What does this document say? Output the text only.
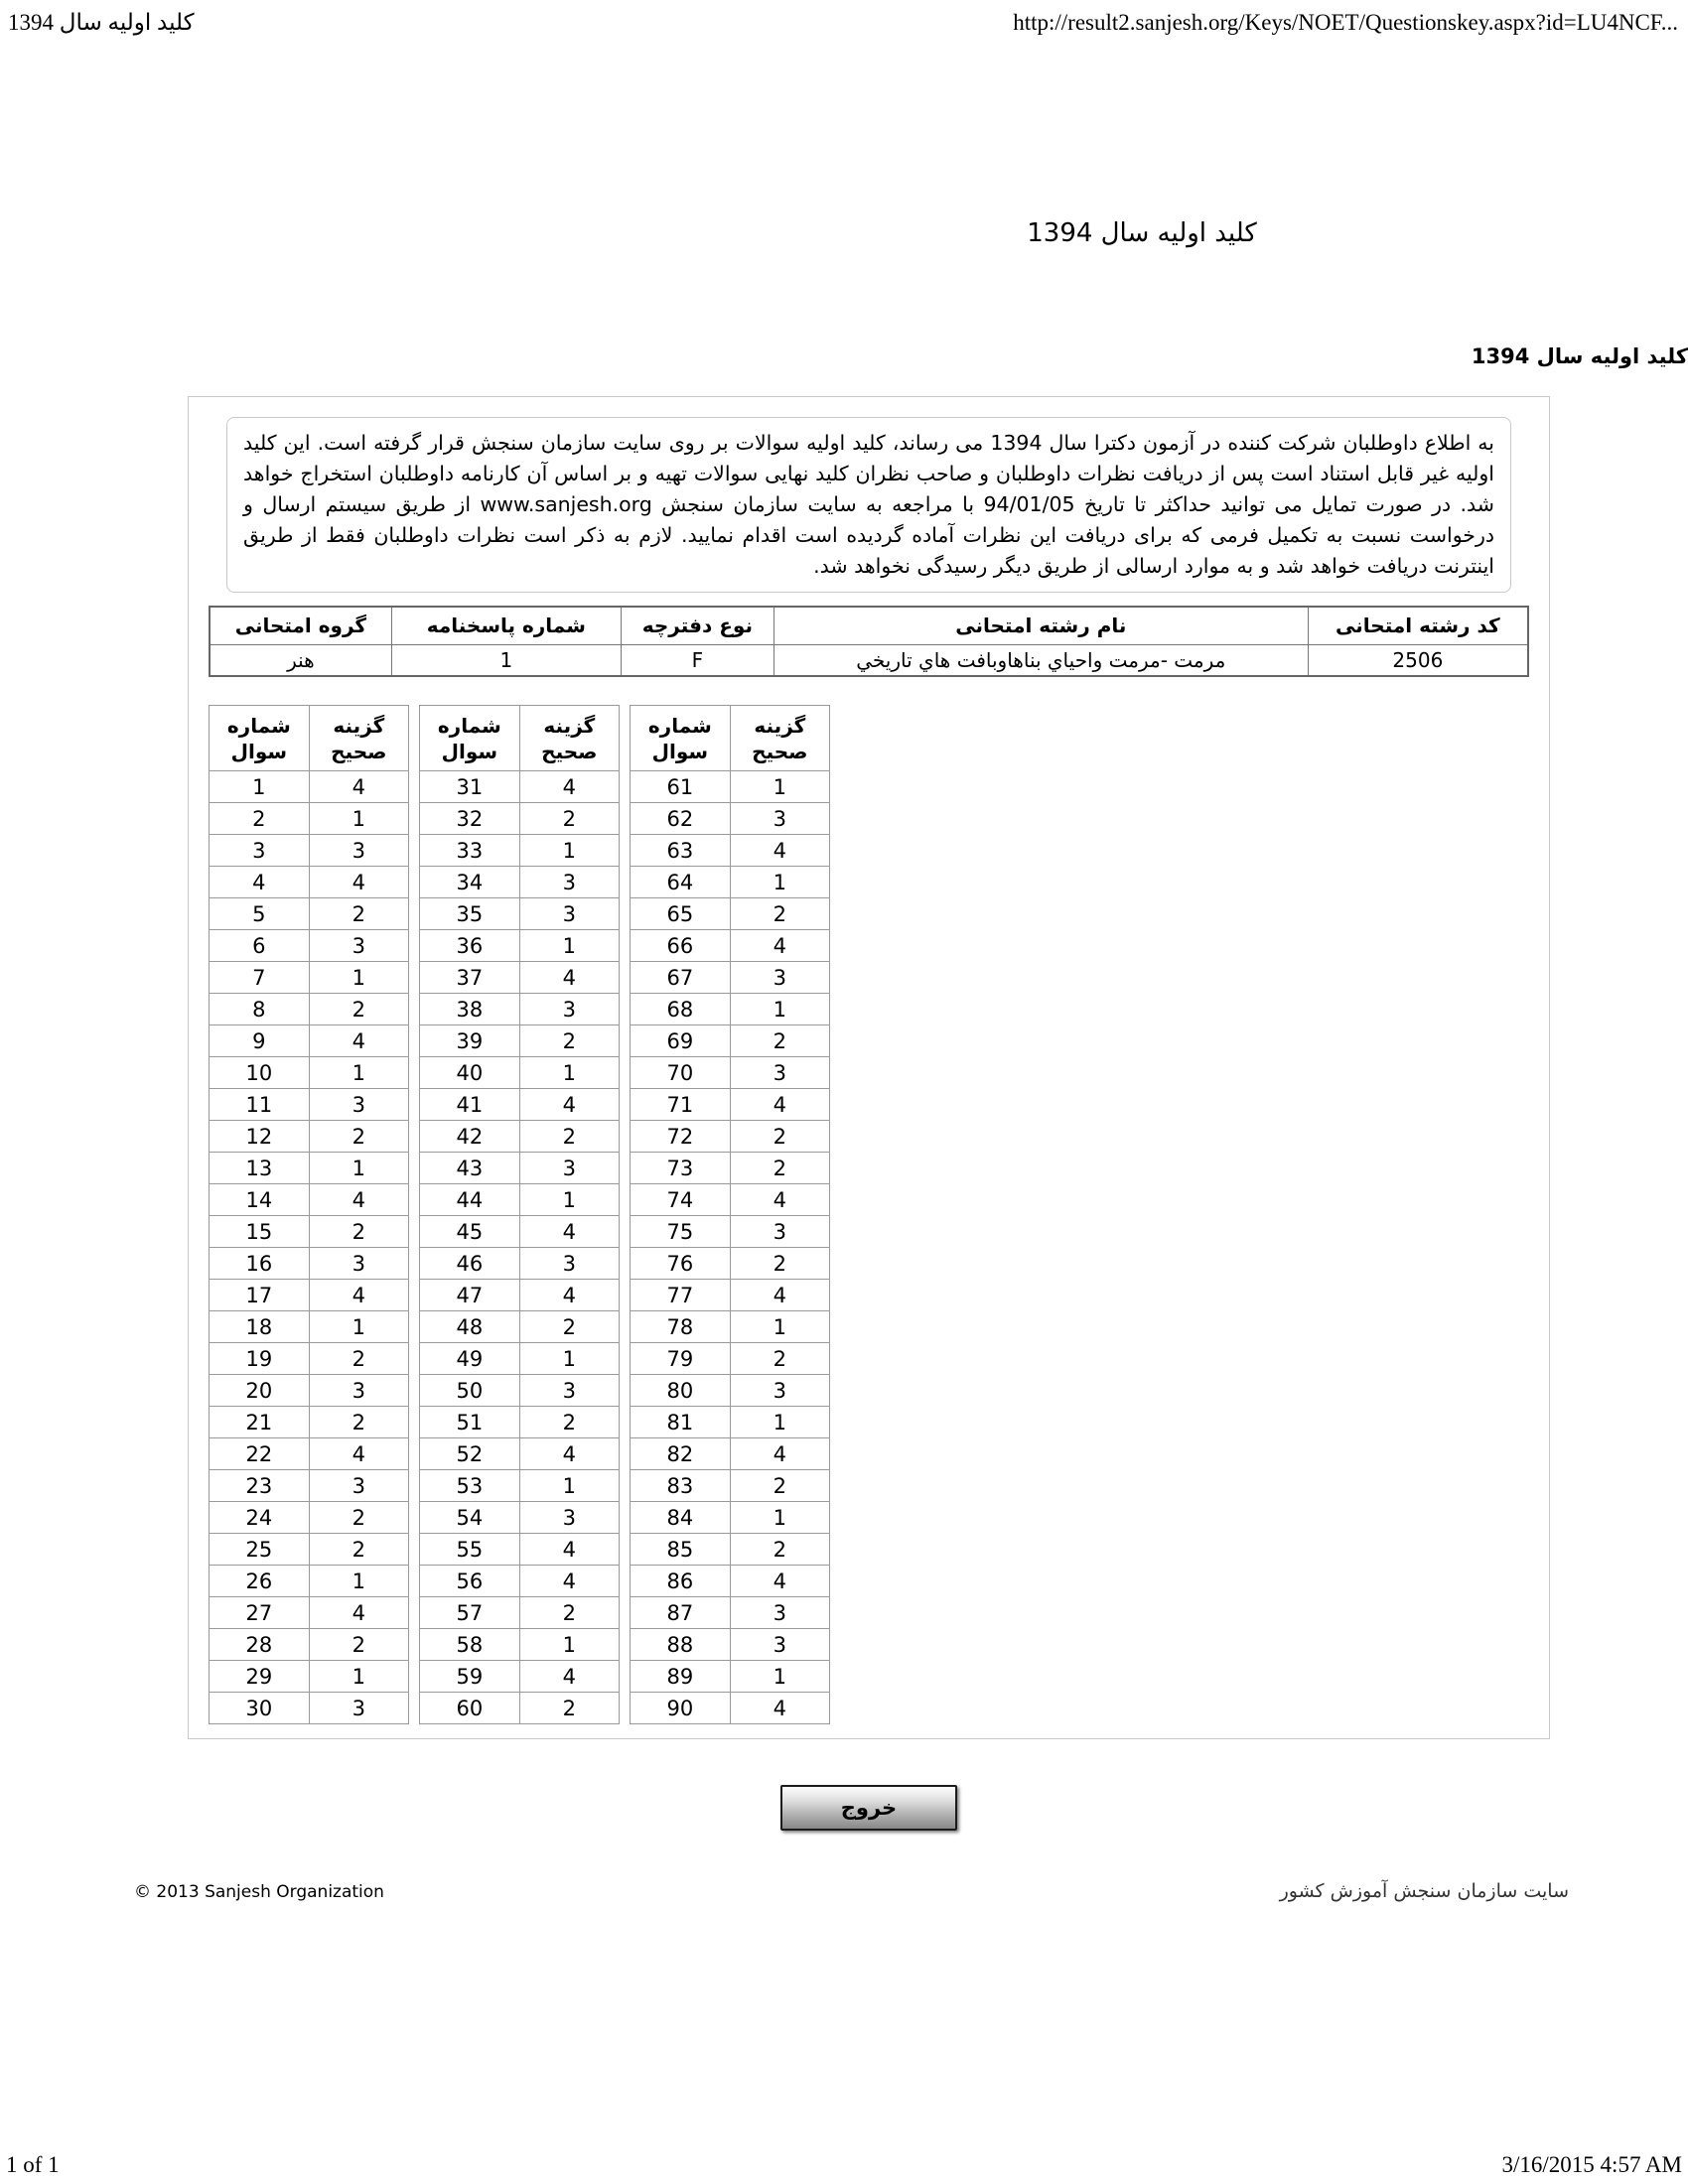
کلید اولیه سال 1394	http://result2.sanjesh.org/Keys/NOET/Questionskey.aspx?id=LU4NCF...
کلید اولیه سال 1394
کلید اولیه سال 1394

به اطلاع داوطلبان شرکت کننده در آزمون دکترا سال 1394 می رساند، کلید اولیه سوالات بر روی سایت سازمان سنجش قرار گرفته است. این کلید اولیه غیر قابل استناد است پس از دریافت نظرات داوطلبان و صاحب نظران کلید نهایی سوالات تهیه و بر اساس آن کارنامه داوطلبان استخراج خواهد شد. در صورت تمایل می توانید حداکثر تا تاریخ 94/01/05 با مراجعه به سایت سازمان سنجش www.sanjesh.org از طریق سیستم ارسال و درخواست نسبت به تکمیل فرمی که برای دریافت این نظرات آماده گردیده است اقدام نمایید. لازم به ذکر است نظرات داوطلبان فقط از طریق اینترنت دریافت خواهد شد و به موارد ارسالی از طریق دیگر رسیدگی نخواهد شد.

کد رشته امتحانی	نام رشته امتحانی	نوع دفترچه	شماره پاسخنامه	گروه امتحانی
2506	مرمت -مرمت واحياي بناهاوبافت هاي تاريخي	F	1	هنر
شماره سوال	گزینه صحیح
1	4
2	1
3	3
4	4
5	2
6	3
7	1
8	2
9	4
10	1
11	3
12	2
13	1
14	4
15	2
16	3
17	4
18	1
19	2
20	3
21	2
22	4
23	3
24	2
25	2
26	1
27	4
28	2
29	1
30	3
شماره سوال	گزینه صحیح
31	4
32	2
33	1
34	3
35	3
36	1
37	4
38	3
39	2
40	1
41	4
42	2
43	3
44	1
45	4
46	3
47	4
48	2
49	1
50	3
51	2
52	4
53	1
54	3
55	4
56	4
57	2
58	1
59	4
60	2
شماره سوال	گزینه صحیح
61	1
62	3
63	4
64	1
65	2
66	4
67	3
68	1
69	2
70	3
71	4
72	2
73	2
74	4
75	3
76	2
77	4
78	1
79	2
80	3
81	1
82	4
83	2
84	1
85	2
86	4
87	3
88	3
89	1
90	4
خروج
© 2013 Sanjesh Organization	سایت سازمان سنجش آموزش کشور
1 of 1	3/16/2015 4:57 AM
